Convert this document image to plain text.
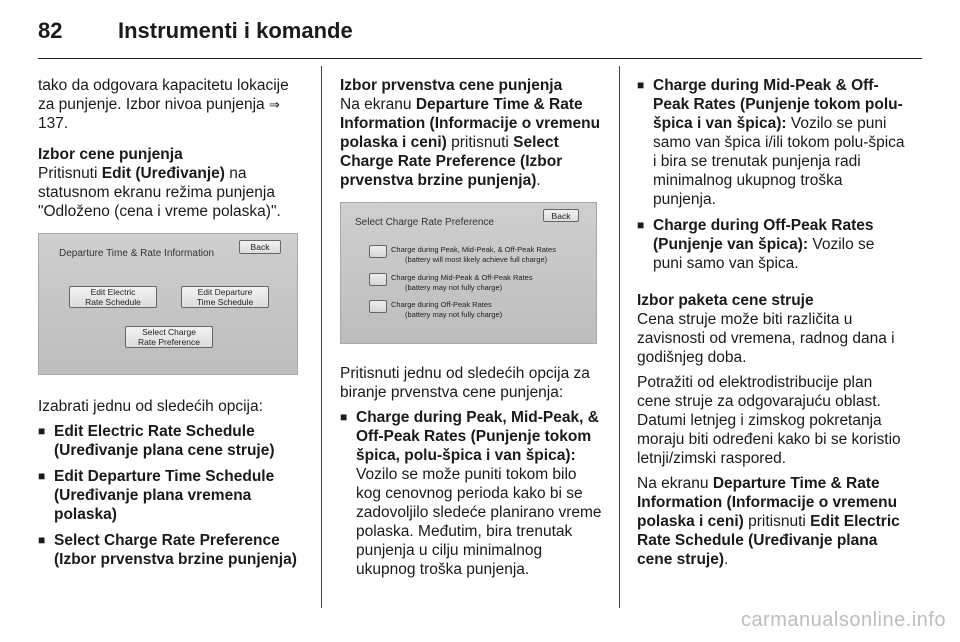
82	Instrumenti i komande

tako da odgovara kapacitetu lokacije za punjenje. Izbor nivoa punjenja ⇒ 137.

Izbor cene punjenja

Pritisnuti Edit (Uređivanje) na statusnom ekranu režima punjenja "Odloženo (cena i vreme polaska)".

Departure Time & Rate Information
Back
Edit Electric
Rate Schedule
Edit Departure
Time Schedule
Select Charge
Rate Preference

Izabrati jednu od sledećih opcija:

■ Edit Electric Rate Schedule (Uređivanje plana cene struje)
■ Edit Departure Time Schedule (Uređivanje plana vremena polaska)
■ Select Charge Rate Preference (Izbor prvenstva brzine punjenja)

Izbor prvenstva cene punjenja

Na ekranu Departure Time & Rate Information (Informacije o vremenu polaska i ceni) pritisnuti Select Charge Rate Preference (Izbor prvenstva brzine punjenja).

Select Charge Rate Preference
Back
Charge during Peak, Mid-Peak, & Off-Peak Rates
(battery will most likely achieve full charge)
Charge during Mid-Peak & Off-Peak Rates
(battery may not fully charge)
Charge during Off-Peak Rates
(battery may not fully charge)

Pritisnuti jednu od sledećih opcija za biranje prvenstva cene punjenja:

■ Charge during Peak, Mid-Peak, & Off-Peak Rates (Punjenje tokom špica, polu-špica i van špica): Vozilo se može puniti tokom bilo kog cenovnog perioda kako bi se zadovoljilo sledeće planirano vreme polaska. Međutim, bira trenutak punjenja u cilju minimalnog ukupnog troška punjenja.
■ Charge during Mid-Peak & Off-Peak Rates (Punjenje tokom polu-špica i van špica): Vozilo se puni samo van špica i/ili tokom polu-špica i bira se trenutak punjenja radi minimalnog ukupnog troška punjenja.
■ Charge during Off-Peak Rates (Punjenje van špica): Vozilo se puni samo van špica.

Izbor paketa cene struje

Cena struje može biti različita u zavisnosti od vremena, radnog dana i godišnjeg doba.

Potražiti od elektrodistribucije plan cene struje za odgovarajuću oblast. Datumi letnjeg i zimskog pokretanja moraju biti određeni kako bi se koristio letnji/zimski raspored.

Na ekranu Departure Time & Rate Information (Informacije o vremenu polaska i ceni) pritisnuti Edit Electric Rate Schedule (Uređivanje plana cene struje).

carmanualsonline.info
